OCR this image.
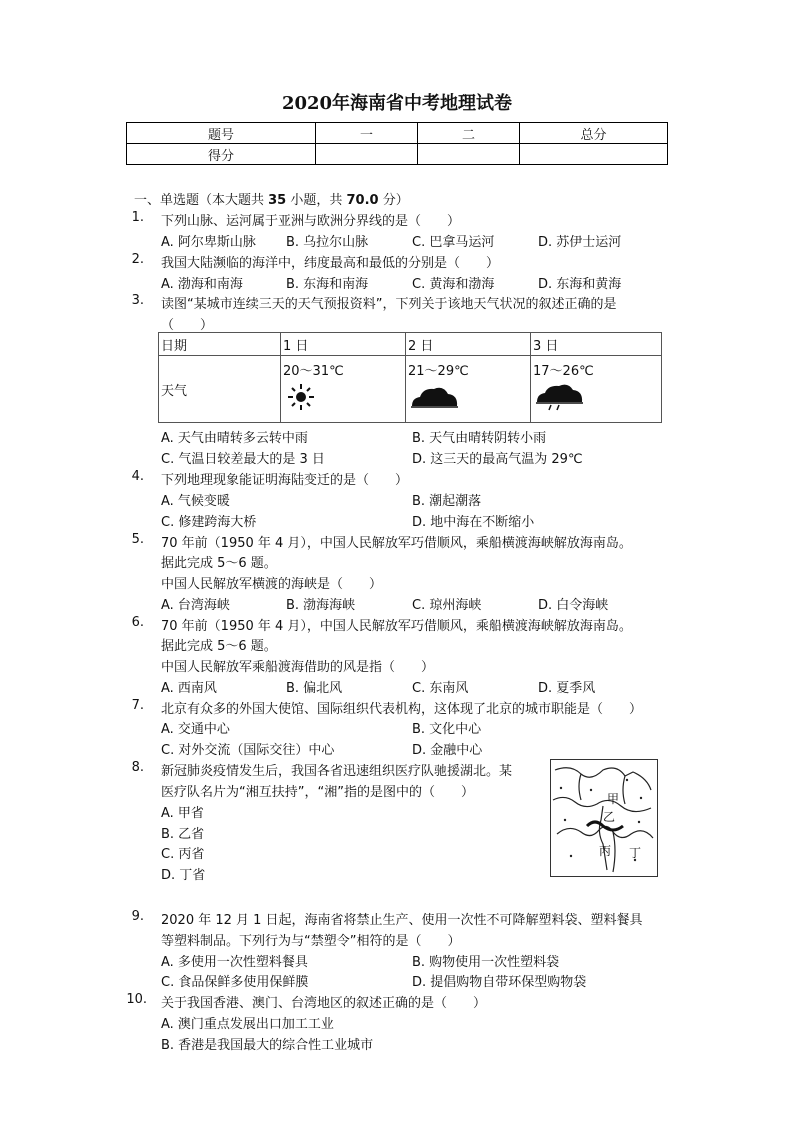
2020年海南省中考地理试卷
题号	一	二	总分
得分			
一、单选题（本大题共 35 小题，共 70.0 分）
1. 下列山脉、运河属于亚洲与欧洲分界线的是（　　）
A. 阿尔卑斯山脉 B. 乌拉尔山脉	C. 巴拿马运河	D. 苏伊士运河
2. 我国大陆濒临的海洋中，纬度最高和最低的分别是（　　）
A. 渤海和南海	B. 东海和南海	C. 黄海和渤海	D. 东海和黄海
3. 读图“某城市连续三天的天气预报资料”，下列关于该地天气状况的叙述正确的是
（　　）
日期	1 日	2 日	3 日
天气	20～31℃	21～29℃	17～26℃
A. 天气由晴转多云转中雨	B. 天气由晴转阴转小雨
C. 气温日较差最大的是 3 日	D. 这三天的最高气温为 29℃
4. 下列地理现象能证明海陆变迁的是（　　）
A. 气候变暖	B. 潮起潮落
C. 修建跨海大桥	D. 地中海在不断缩小
5. 70 年前（1950 年 4 月），中国人民解放军巧借顺风，乘船横渡海峡解放海南岛。
据此完成 5～6 题。
中国人民解放军横渡的海峡是（　　）
A. 台湾海峡	B. 渤海海峡	C. 琼州海峡	D. 白令海峡
6. 70 年前（1950 年 4 月），中国人民解放军巧借顺风，乘船横渡海峡解放海南岛。
据此完成 5～6 题。
中国人民解放军乘船渡海借助的风是指（　　）
A. 西南风	B. 偏北风	C. 东南风	D. 夏季风
7. 北京有众多的外国大使馆、国际组织代表机构，这体现了北京的城市职能是（　　）
A. 交通中心	B. 文化中心
C. 对外交流（国际交往）中心	D. 金融中心
8. 新冠肺炎疫情发生后，我国各省迅速组织医疗队驰援湖北。某
医疗队名片为“湘互扶持”，“湘”指的是图中的（　　）
A. 甲省
B. 乙省
C. 丙省
D. 丁省
甲
乙
丙 丁
9. 2020 年 12 月 1 日起，海南省将禁止生产、使用一次性不可降解塑料袋、塑料餐具
等塑料制品。下列行为与“禁塑令”相符的是（　　）
A. 多使用一次性塑料餐具	B. 购物使用一次性塑料袋
C. 食品保鲜多使用保鲜膜	D. 提倡购物自带环保型购物袋
10. 关于我国香港、澳门、台湾地区的叙述正确的是（　　）
A. 澳门重点发展出口加工工业
B. 香港是我国最大的综合性工业城市
